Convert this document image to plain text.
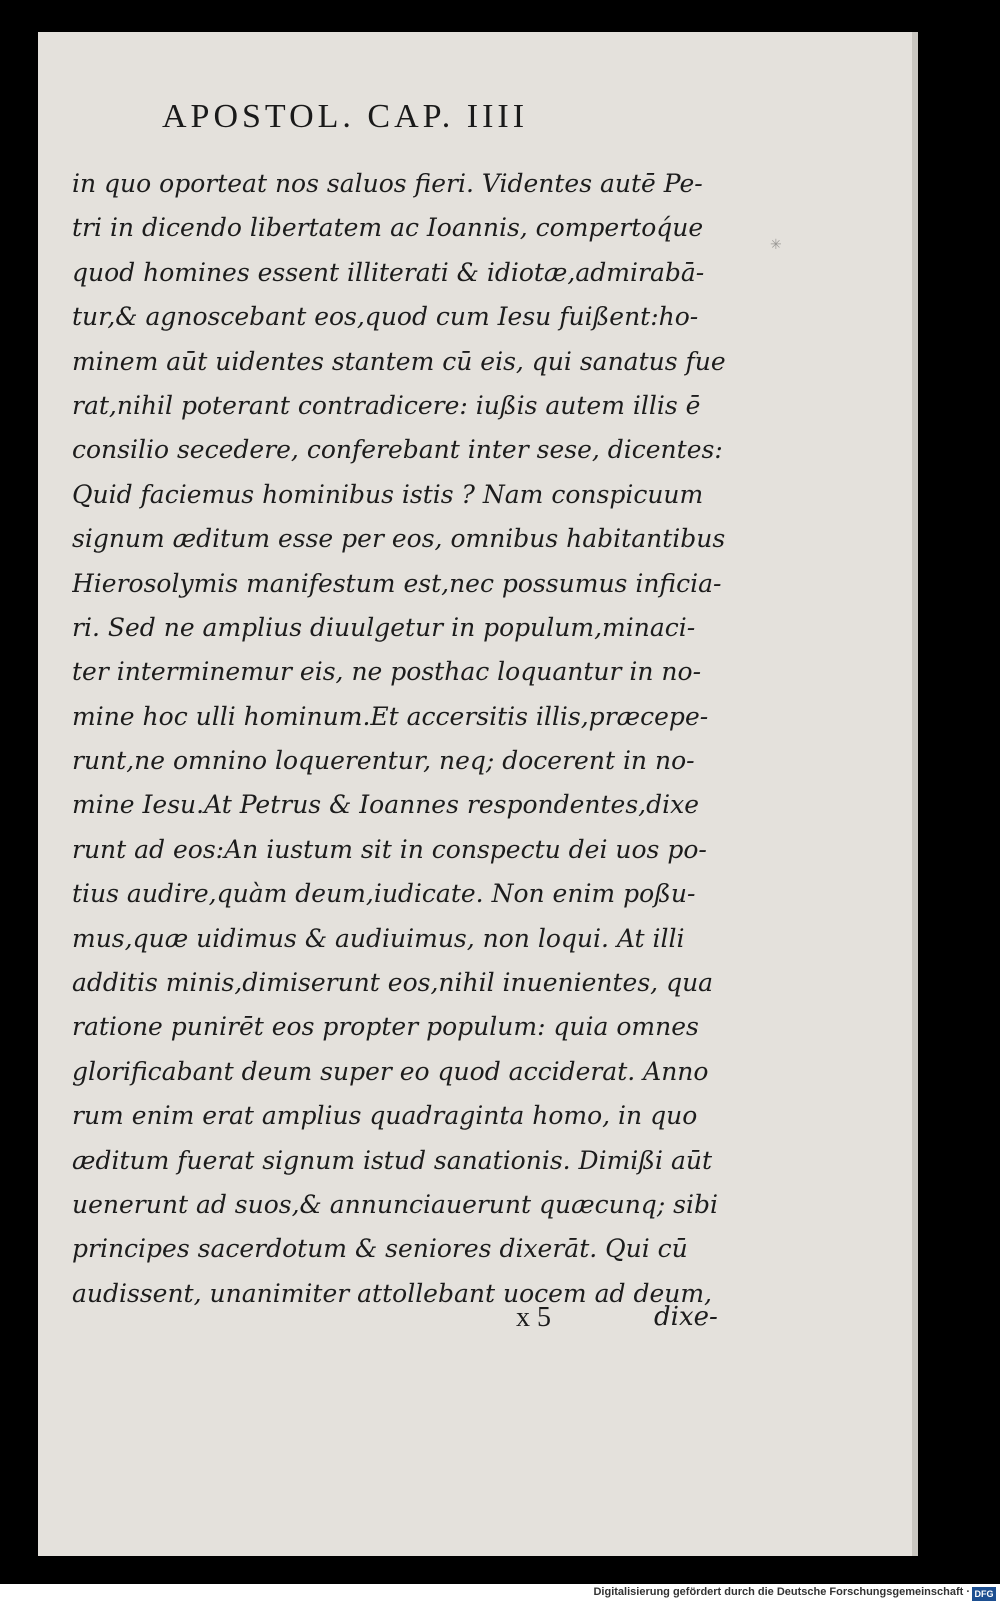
APOSTOL. CAP. IIII
in quo oporteat nos saluos fieri. Videntes autē Pe-
tri in dicendo libertatem ac Ioannis, compertoq́ue
quod homines essent illiterati & idiotæ,admirabā-
tur,& agnoscebant eos,quod cum Iesu fuißent:ho-
minem aūt uidentes stantem cū eis, qui sanatus fue
rat,nihil poterant contradicere: iußis autem illis ē
consilio secedere, conferebant inter sese, dicentes:
Quid faciemus hominibus istis ? Nam conspicuum
signum æditum esse per eos, omnibus habitantibus
Hierosolymis manifestum est,nec possumus inficia-
ri. Sed ne amplius diuulgetur in populum,minaci-
ter interminemur eis, ne posthac loquantur in no-
mine hoc ulli hominum.Et accersitis illis,præcepe-
runt,ne omnino loquerentur, neq; docerent in no-
mine Iesu.At Petrus & Ioannes respondentes,dixe
runt ad eos:An iustum sit in conspectu dei uos po-
tius audire,quàm deum,iudicate. Non enim poßu-
mus,quæ uidimus & audiuimus, non loqui. At illi
additis minis,dimiserunt eos,nihil inuenientes, qua
ratione punirēt eos propter populum: quia omnes
glorificabant deum super eo quod acciderat. Anno
rum enim erat amplius quadraginta homo, in quo
æditum fuerat signum istud sanationis. Dimißi aūt
uenerunt ad suos,& annunciauerunt quæcunq; sibi
principes sacerdotum & seniores dixerāt. Qui cū
audissent, unanimiter attollebant uocem ad deum,
x 5	dixe-
✳
Digitalisierung gefördert durch die Deutsche Forschungsgemeinschaft · DFG
